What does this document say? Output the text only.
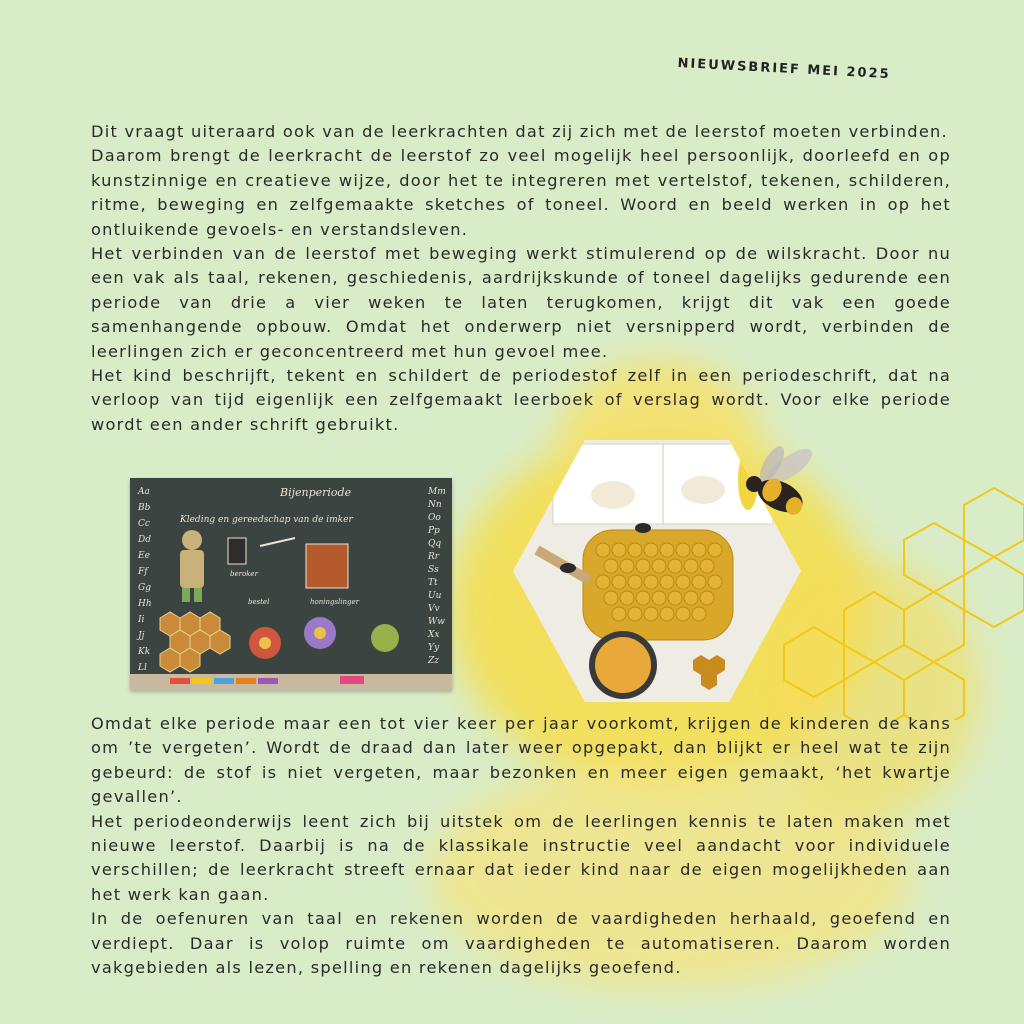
NIEUWSBRIEF MEI 2025
Dit vraagt uiteraard ook van de leerkrachten dat zij zich met de leerstof moeten verbinden.
Daarom brengt de leerkracht de leerstof zo veel mogelijk heel persoonlijk, doorleefd en op kunstzinnige en creatieve wijze, door het te integreren met vertelstof, tekenen, schilderen, ritme, beweging en zelfgemaakte sketches of toneel. Woord en beeld werken in op het ontluikende gevoels- en verstandsleven.
Het verbinden van de leerstof met beweging werkt stimulerend op de wilskracht. Door nu een vak als taal, rekenen, geschiedenis, aardrijkskunde of toneel dagelijks gedurende een periode van drie a vier weken te laten terugkomen, krijgt dit vak een goede samenhangende opbouw. Omdat het onderwerp niet versnipperd wordt, verbinden de leerlingen zich er geconcentreerd met hun gevoel mee.
Het kind beschrijft, tekent en schildert de periodestof zelf in een periodeschrift, dat na verloop van tijd eigenlijk een zelfgemaakt leerboek of verslag wordt. Voor elke periode wordt een ander schrift gebruikt.
Bijenperiode
Kleding en gereedschap van de imker
beroker
bestel	honingslinger
Aa
Bb
Cc
Dd
Ee
Ff
Gg
Hh
Ii
Jj
Kk
Ll
Mm
Nn
Oo
Pp
Qq
Rr
Ss
Tt
Uu
Vv
Ww
Xx
Yy
Zz
Omdat elke periode maar een tot vier keer per jaar voorkomt, krijgen de kinderen de kans om ’te vergeten’. Wordt de draad dan later weer opgepakt, dan blijkt er heel wat te zijn gebeurd: de stof is niet vergeten, maar bezonken en meer eigen gemaakt, ‘het kwartje gevallen’.
Het periodeonderwijs leent zich bij uitstek om de leerlingen kennis te laten maken met nieuwe leerstof. Daarbij is na de klassikale instructie veel aandacht voor individuele verschillen; de leerkracht streeft ernaar dat ieder kind naar de eigen mogelijkheden aan het werk kan gaan.
In de oefenuren van taal en rekenen worden de vaardigheden herhaald, geoefend en verdiept. Daar is volop ruimte om vaardigheden te automatiseren. Daarom worden vakgebieden als lezen, spelling en rekenen dagelijks geoefend.
